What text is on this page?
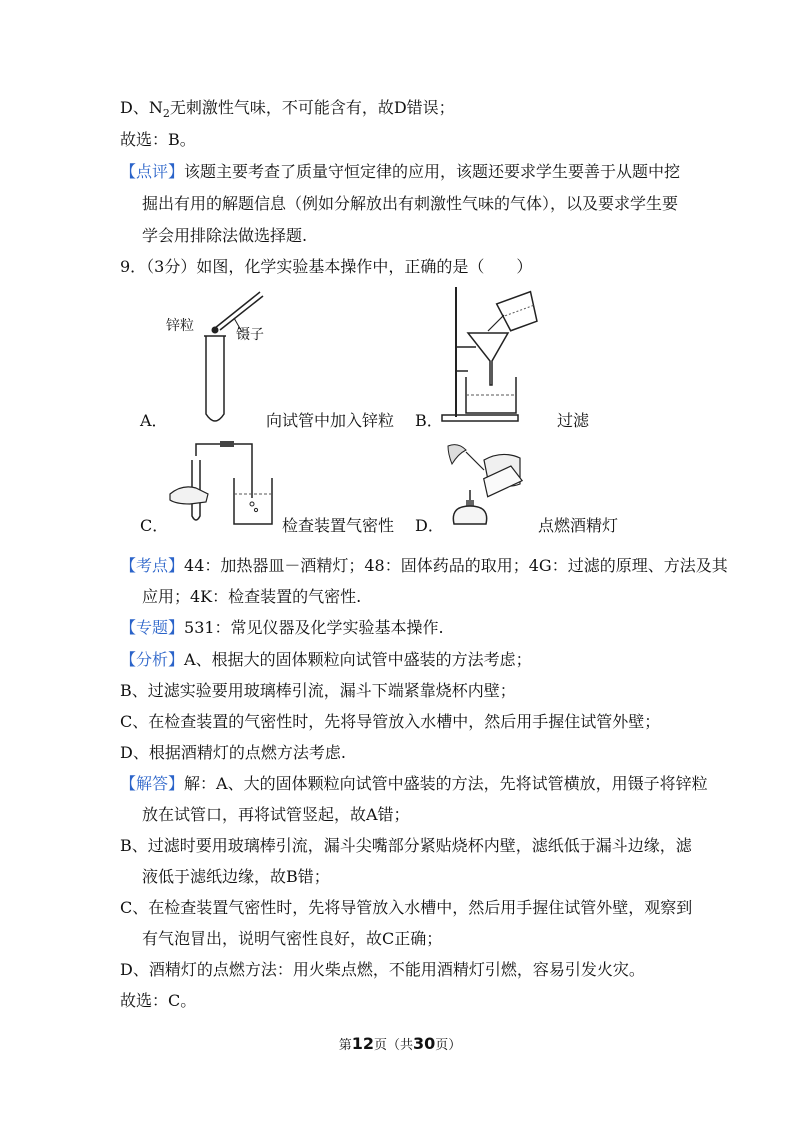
D、$N_2$无刺激性气味，不可能含有，故D错误；
故选：B。
【点评】该题主要考查了质量守恒定律的应用，该题还要求学生要善于从题中挖
掘出有用的解题信息（例如分解放出有刺激性气味的气体），以及要求学生要
学会用排除法做选择题.
9．（3分）如图，化学实验基本操作中，正确的是（　　）
锌粒
镊子
A．	向试管中加入锌粒 B．	过滤
C．	检查装置气密性 D．	点燃酒精灯
【考点】44：加热器皿－酒精灯；48：固体药品的取用；4G：过滤的原理、方法及其
应用；4K：检查装置的气密性.
【专题】531：常见仪器及化学实验基本操作.
【分析】A、根据大的固体颗粒向试管中盛装的方法考虑；
B、过滤实验要用玻璃棒引流，漏斗下端紧靠烧杯内壁；
C、在检查装置的气密性时，先将导管放入水槽中，然后用手握住试管外壁；
D、根据酒精灯的点燃方法考虑.
【解答】解：A、大的固体颗粒向试管中盛装的方法，先将试管横放，用镊子将锌粒
放在试管口，再将试管竖起，故A错；
B、过滤时要用玻璃棒引流，漏斗尖嘴部分紧贴烧杯内壁，滤纸低于漏斗边缘，滤
液低于滤纸边缘，故B错；
C、在检查装置气密性时，先将导管放入水槽中，然后用手握住试管外壁，观察到
有气泡冒出，说明气密性良好，故C正确；
D、酒精灯的点燃方法：用火柴点燃，不能用酒精灯引燃，容易引发火灾。
故选：C。
第12页（共30页）
